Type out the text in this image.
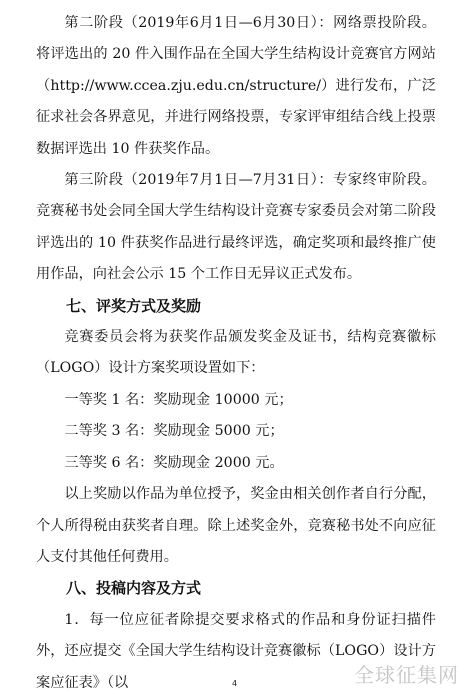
第二阶段（2019年6月1日—6月30日）：网络票投阶段。将评选出的 20 件入围作品在全国大学生结构设计竞赛官方网站（http://www.ccea.zju.edu.cn/structure/）进行发布，广泛征求社会各界意见，并进行网络投票，专家评审组结合线上投票数据评选出 10 件获奖作品。

第三阶段（2019年7月1日—7月31日）：专家终审阶段。竞赛秘书处会同全国大学生结构设计竞赛专家委员会对第二阶段评选出的 10 件获奖作品进行最终评选，确定奖项和最终推广使用作品，向社会公示 15 个工作日无异议正式发布。

七、评奖方式及奖励

竞赛委员会将为获奖作品颁发奖金及证书，结构竞赛徽标（LOGO）设计方案奖项设置如下：

一等奖 1 名：奖励现金 10000 元；

二等奖 3 名：奖励现金 5000 元；

三等奖 6 名：奖励现金 2000 元。

以上奖励以作品为单位授予，奖金由相关创作者自行分配，个人所得税由获奖者自理。除上述奖金外，竞赛秘书处不向应征人支付其他任何费用。

八、投稿内容及方式

1．每一位应征者除提交要求格式的作品和身份证扫描件外，还应提交《全国大学生结构设计竞赛徽标（LOGO）设计方案应征表》（以	全球征集网
4
